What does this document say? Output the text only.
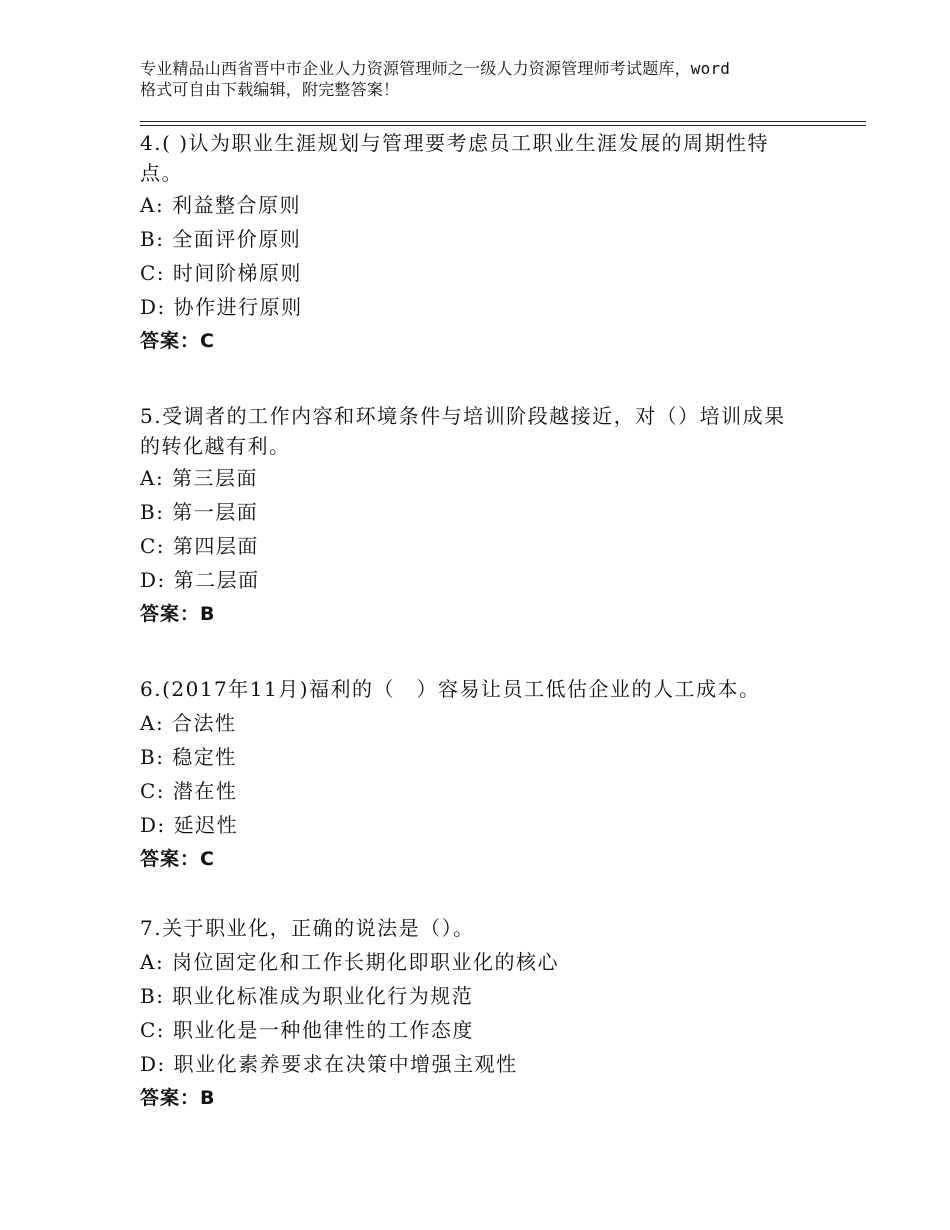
专业精品山西省晋中市企业人力资源管理师之一级人力资源管理师考试题库，word
格式可自由下载编辑，附完整答案！

4.( )认为职业生涯规划与管理要考虑员工职业生涯发展的周期性特

点。

A: 利益整合原则

B: 全面评价原则

C: 时间阶梯原则

D: 协作进行原则

答案：C

5.受调者的工作内容和环境条件与培训阶段越接近，对（）培训成果

的转化越有利。

A: 第三层面

B: 第一层面

C: 第四层面

D: 第二层面

答案：B

6.(2017年11月)福利的（　）容易让员工低估企业的人工成本。

A: 合法性

B: 稳定性

C: 潜在性

D: 延迟性

答案：C

7.关于职业化，正确的说法是（）。

A: 岗位固定化和工作长期化即职业化的核心

B: 职业化标准成为职业化行为规范

C: 职业化是一种他律性的工作态度

D: 职业化素养要求在决策中增强主观性

答案：B
